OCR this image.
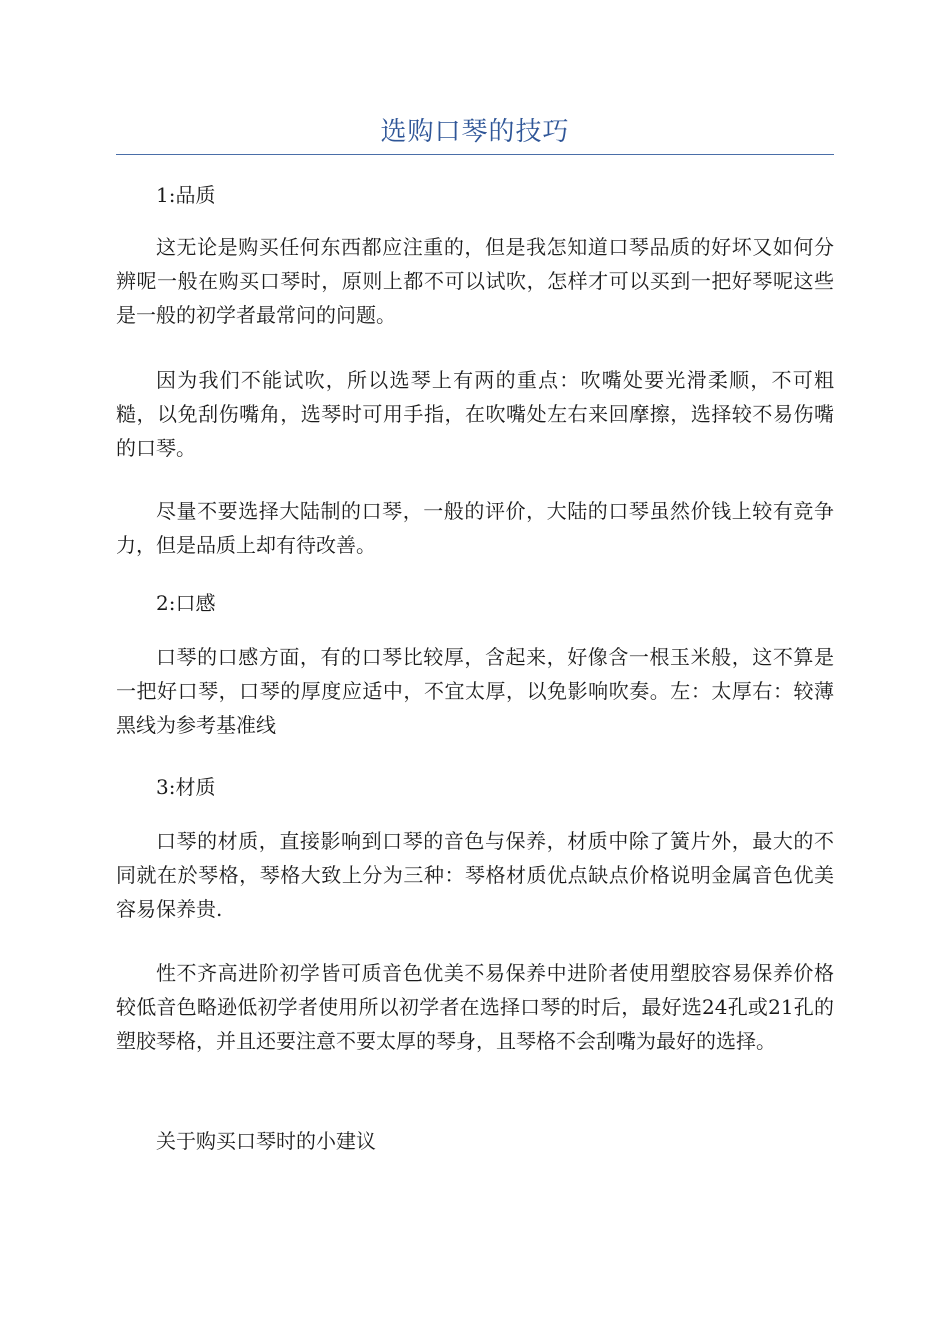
选购口琴的技巧

1:品质

这无论是购买任何东西都应注重的，但是我怎知道口琴品质的好坏又如何分辨呢一般在购买口琴时，原则上都不可以试吹，怎样才可以买到一把好琴呢这些是一般的初学者最常问的问题。

因为我们不能试吹，所以选琴上有两的重点：吹嘴处要光滑柔顺，不可粗糙，以免刮伤嘴角，选琴时可用手指，在吹嘴处左右来回摩擦，选择较不易伤嘴的口琴。

尽量不要选择大陆制的口琴，一般的评价，大陆的口琴虽然价钱上较有竞争力，但是品质上却有待改善。

2:口感

口琴的口感方面，有的口琴比较厚，含起来，好像含一根玉米般，这不算是一把好口琴，口琴的厚度应适中，不宜太厚，以免影响吹奏。左：太厚右：较薄黑线为参考基准线

3:材质

口琴的材质，直接影响到口琴的音色与保养，材质中除了簧片外，最大的不同就在於琴格，琴格大致上分为三种：琴格材质优点缺点价格说明金属音色优美容易保养贵.

性不齐高进阶初学皆可质音色优美不易保养中进阶者使用塑胶容易保养价格较低音色略逊低初学者使用所以初学者在选择口琴的时后，最好选24孔或21孔的塑胶琴格，并且还要注意不要太厚的琴身，且琴格不会刮嘴为最好的选择。

关于购买口琴时的小建议
